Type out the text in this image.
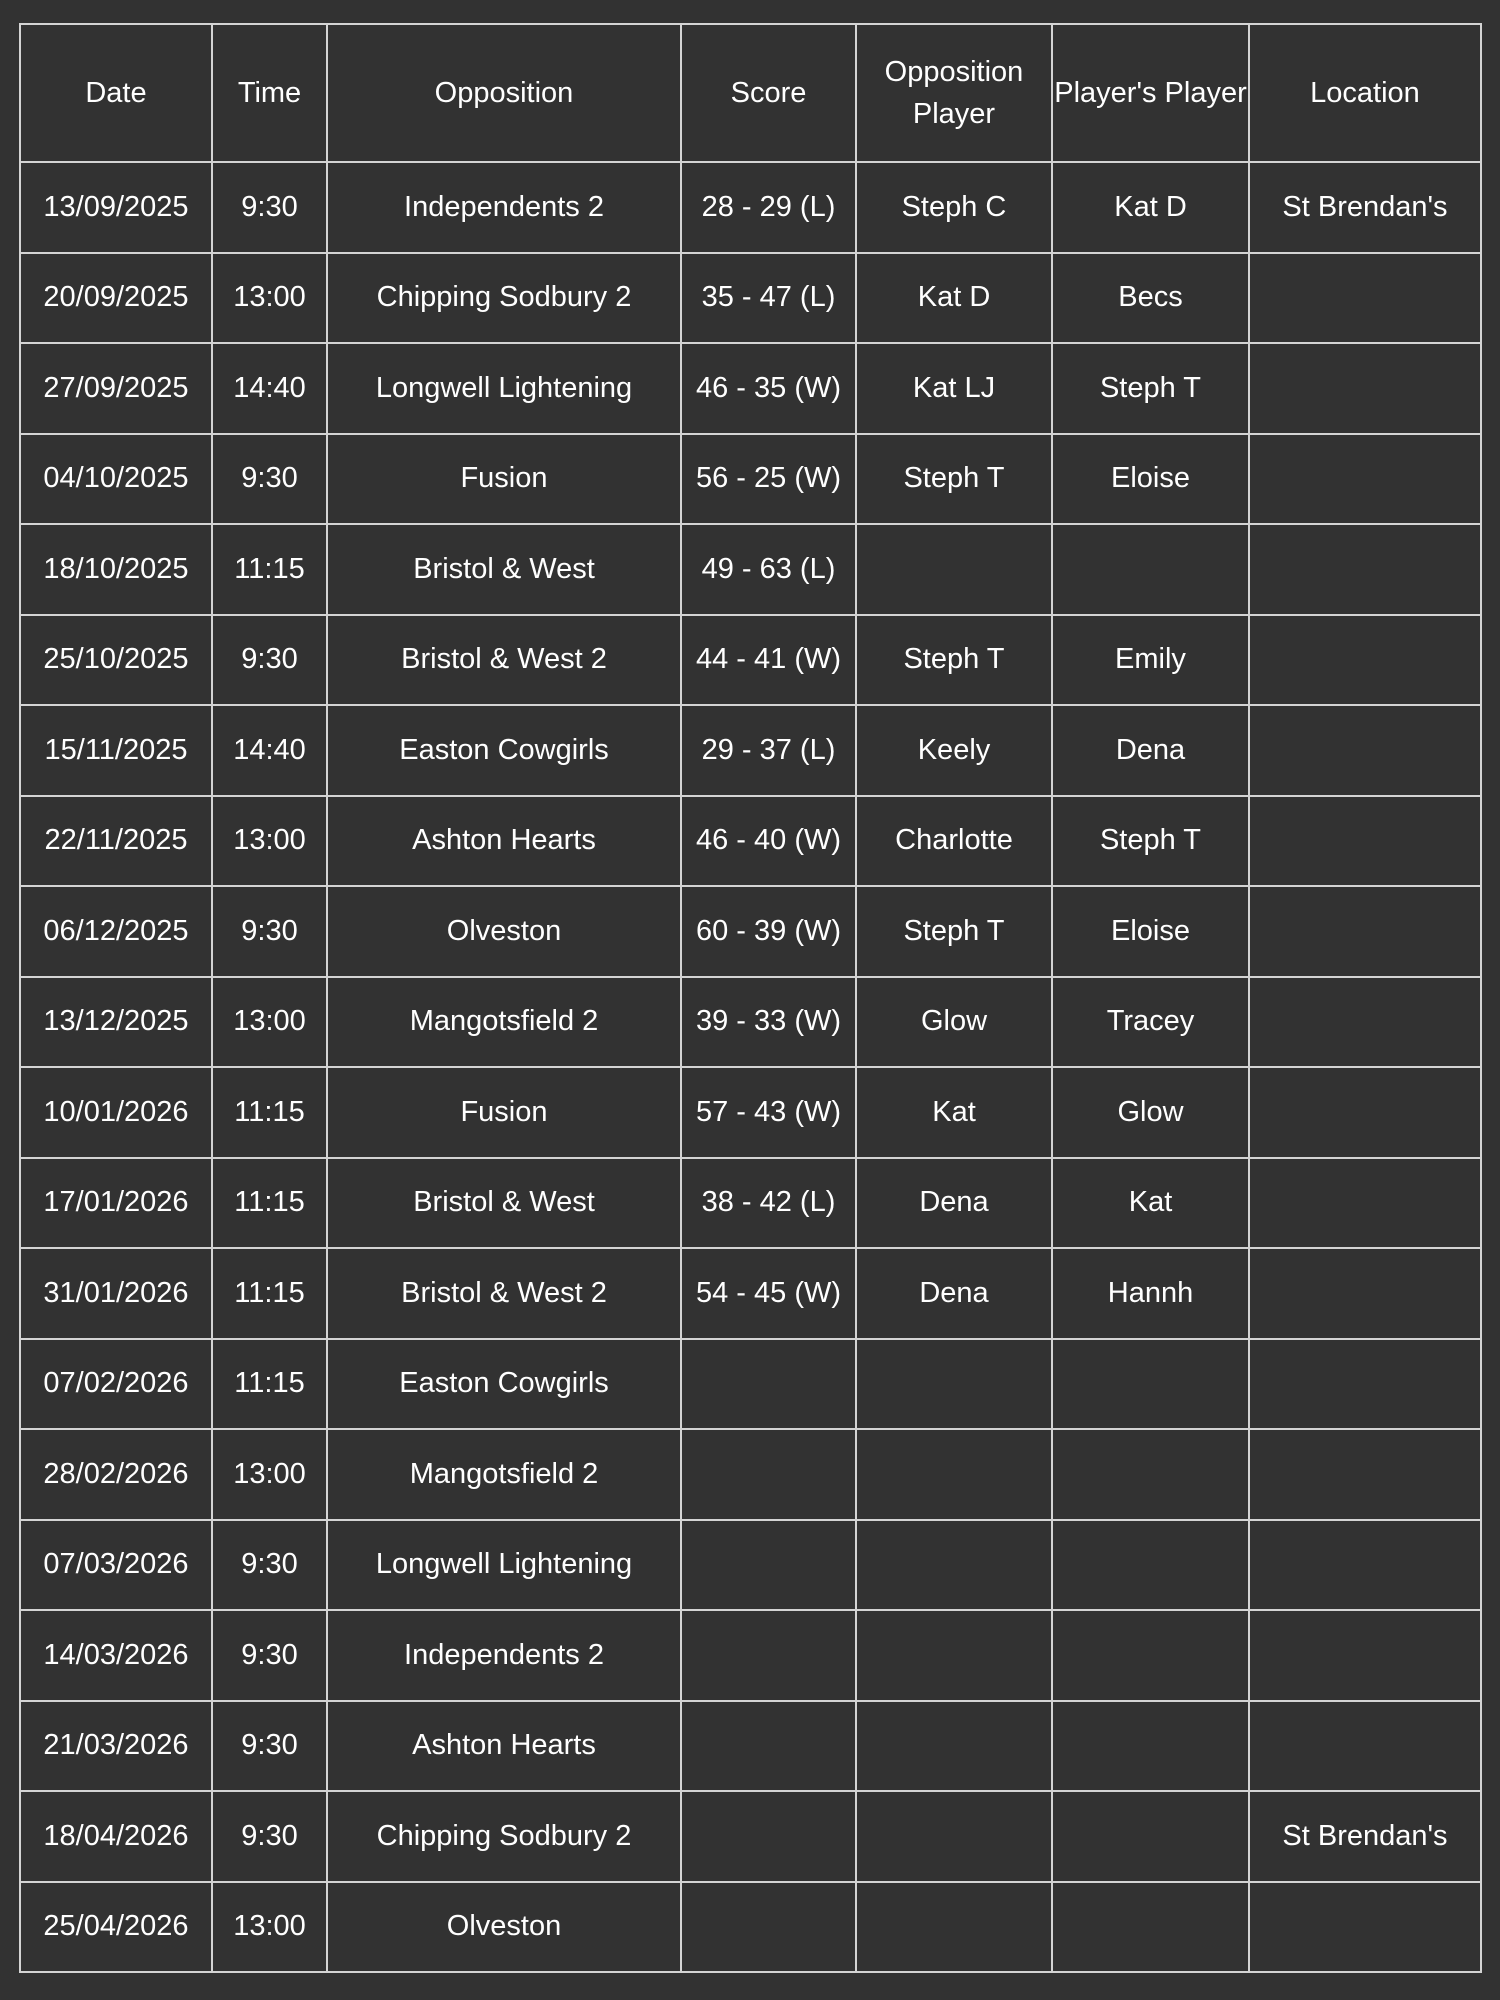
Date	Time	Opposition	Score	Opposition Player	Player's Player	Location
13/09/2025	9:30	Independents 2	28 - 29 (L)	Steph C	Kat D	St Brendan's
20/09/2025	13:00	Chipping Sodbury 2	35 - 47 (L)	Kat D	Becs	
27/09/2025	14:40	Longwell Lightening	46 - 35 (W)	Kat LJ	Steph T	
04/10/2025	9:30	Fusion	56 - 25 (W)	Steph T	Eloise	
18/10/2025	11:15	Bristol & West	49 - 63 (L)			
25/10/2025	9:30	Bristol & West 2	44 - 41 (W)	Steph T	Emily	
15/11/2025	14:40	Easton Cowgirls	29 - 37 (L)	Keely	Dena	
22/11/2025	13:00	Ashton Hearts	46 - 40 (W)	Charlotte	Steph T	
06/12/2025	9:30	Olveston	60 - 39 (W)	Steph T	Eloise	
13/12/2025	13:00	Mangotsfield 2	39 - 33 (W)	Glow	Tracey	
10/01/2026	11:15	Fusion	57 - 43 (W)	Kat	Glow	
17/01/2026	11:15	Bristol & West	38 - 42 (L)	Dena	Kat	
31/01/2026	11:15	Bristol & West 2	54 - 45 (W)	Dena	Hannh	
07/02/2026	11:15	Easton Cowgirls				
28/02/2026	13:00	Mangotsfield 2				
07/03/2026	9:30	Longwell Lightening				
14/03/2026	9:30	Independents 2				
21/03/2026	9:30	Ashton Hearts				
18/04/2026	9:30	Chipping Sodbury 2				St Brendan's
25/04/2026	13:00	Olveston				
